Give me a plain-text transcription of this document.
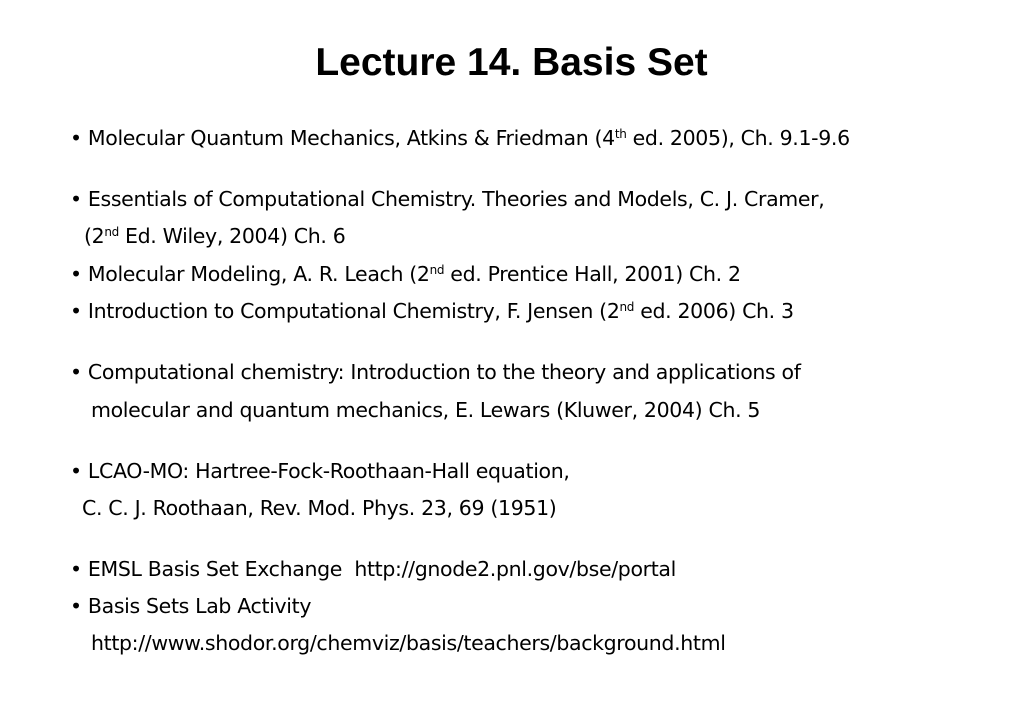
Lecture 14. Basis Set
• Molecular Quantum Mechanics, Atkins & Friedman (4th ed. 2005), Ch. 9.1-9.6
• Essentials of Computational Chemistry. Theories and Models, C. J. Cramer,
(2nd Ed. Wiley, 2004) Ch. 6
• Molecular Modeling, A. R. Leach (2nd ed. Prentice Hall, 2001) Ch. 2
• Introduction to Computational Chemistry, F. Jensen (2nd ed. 2006) Ch. 3
• Computational chemistry: Introduction to the theory and applications of
molecular and quantum mechanics, E. Lewars (Kluwer, 2004) Ch. 5
• LCAO-MO: Hartree-Fock-Roothaan-Hall equation,
C. C. J. Roothaan, Rev. Mod. Phys. 23, 69 (1951)
• EMSL Basis Set Exchange  http://gnode2.pnl.gov/bse/portal
• Basis Sets Lab Activity
http://www.shodor.org/chemviz/basis/teachers/background.html
